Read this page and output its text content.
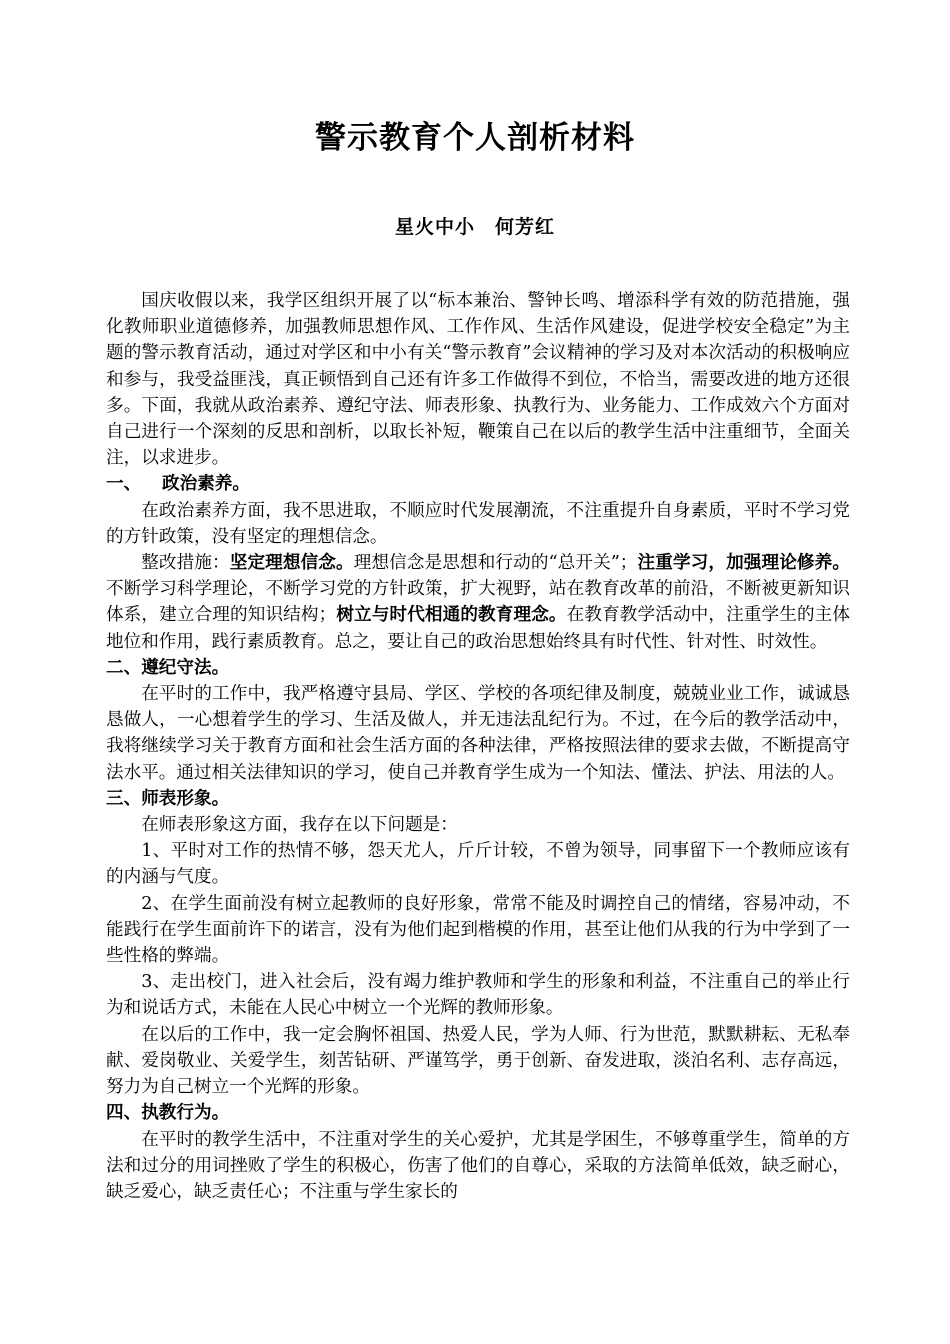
警示教育个人剖析材料
星火中小 何芳红

国庆收假以来，我学区组织开展了以“标本兼治、警钟长鸣、增添科学有效的防范措施，强化教师职业道德修养，加强教师思想作风、工作作风、生活作风建设，促进学校安全稳定”为主题的警示教育活动，通过对学区和中小有关“警示教育”会议精神的学习及对本次活动的积极响应和参与，我受益匪浅，真正顿悟到自己还有许多工作做得不到位，不恰当，需要改进的地方还很多。下面，我就从政治素养、遵纪守法、师表形象、执教行为、业务能力、工作成效六个方面对自己进行一个深刻的反思和剖析，以取长补短，鞭策自己在以后的教学生活中注重细节，全面关注，以求进步。

一、 政治素养。

在政治素养方面，我不思进取，不顺应时代发展潮流，不注重提升自身素质，平时不学习党的方针政策，没有坚定的理想信念。

整改措施：坚定理想信念。理想信念是思想和行动的“总开关”；注重学习，加强理论修养。不断学习科学理论，不断学习党的方针政策，扩大视野，站在教育改革的前沿，不断被更新知识体系，建立合理的知识结构；树立与时代相通的教育理念。在教育教学活动中，注重学生的主体地位和作用，践行素质教育。总之，要让自己的政治思想始终具有时代性、针对性、时效性。

二、遵纪守法。

在平时的工作中，我严格遵守县局、学区、学校的各项纪律及制度，兢兢业业工作，诚诚恳恳做人，一心想着学生的学习、生活及做人，并无违法乱纪行为。不过，在今后的教学活动中，我将继续学习关于教育方面和社会生活方面的各种法律，严格按照法律的要求去做，不断提高守法水平。通过相关法律知识的学习，使自己并教育学生成为一个知法、懂法、护法、用法的人。

三、师表形象。

在师表形象这方面，我存在以下问题是：

1、平时对工作的热情不够，怨天尤人，斤斤计较，不曾为领导，同事留下一个教师应该有的内涵与气度。

2、在学生面前没有树立起教师的良好形象，常常不能及时调控自己的情绪，容易冲动，不能践行在学生面前许下的诺言，没有为他们起到楷模的作用，甚至让他们从我的行为中学到了一些性格的弊端。

3、走出校门，进入社会后，没有竭力维护教师和学生的形象和利益，不注重自己的举止行为和说话方式，未能在人民心中树立一个光辉的教师形象。

在以后的工作中，我一定会胸怀祖国、热爱人民，学为人师、行为世范，默默耕耘、无私奉献、爱岗敬业、关爱学生，刻苦钻研、严谨笃学，勇于创新、奋发进取，淡泊名利、志存高远，努力为自己树立一个光辉的形象。

四、执教行为。

在平时的教学生活中，不注重对学生的关心爱护，尤其是学困生，不够尊重学生，简单的方法和过分的用词挫败了学生的积极心，伤害了他们的自尊心，采取的方法简单低效，缺乏耐心，缺乏爱心，缺乏责任心；不注重与学生家长的
